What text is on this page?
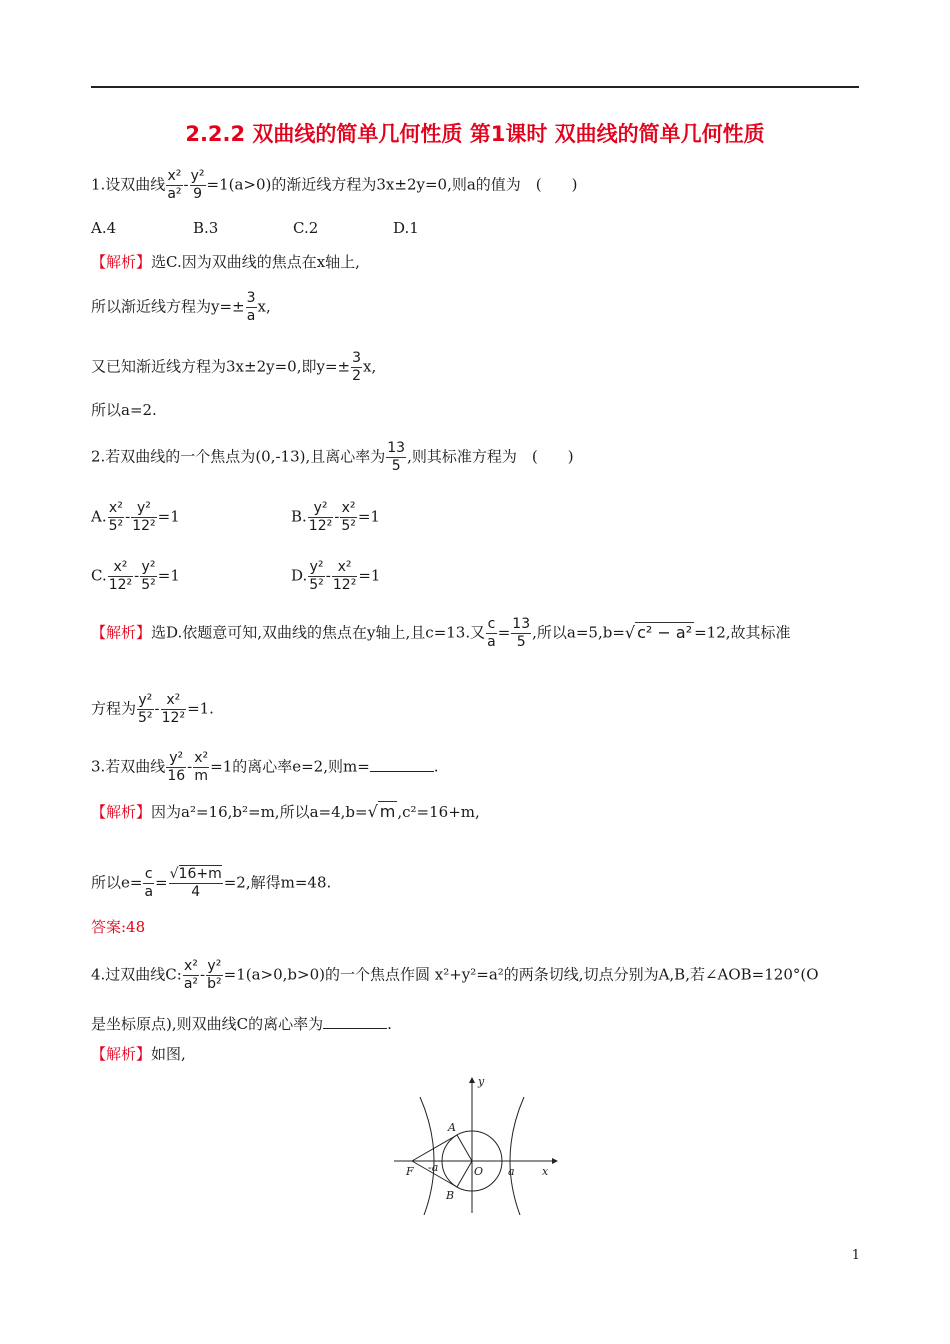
2.2.2 双曲线的简单几何性质 第1课时 双曲线的简单几何性质
1.设双曲线 $\frac{\text{x²}}{\text{a²}} - \frac{\text{y²}}{9} =1(a>0)$的渐近线方程为3x±2y=0,则a的值为　(　　)
A.4	B.3	C.2	D.1
【解析】选C.因为双曲线的焦点在x轴上,
所以渐近线方程为$y=\pm \frac{3}{a} x$,
又已知渐近线方程为3x±2y=0,即$y=\pm \frac{3}{2} x$,
所以a=2.
2.若双曲线的一个焦点为(0,-13),且离心率为 $\frac{13}{5}$ ,则其标准方程为　(　　)
A. $\frac{\text{x²}}{\text{5²}} - \frac{\text{y²}}{\text{12²}} =1$	B. $\frac{\text{y²}}{\text{12²}} - \frac{\text{x²}}{\text{5²}} =1$
C. $\frac{\text{x²}}{\text{12²}} - \frac{\text{y²}}{\text{5²}} =1$	D. $\frac{\text{y²}}{\text{5²}} - \frac{\text{x²}}{\text{12²}} =1$
【解析】选D.依题意可知,双曲线的焦点在y轴上,且c=13.又 $\frac{c}{a} = \frac{13}{5}$ ,所以a=5,b=√ c² − a² =12,故其标准
方程为 $\frac{\text{y²}}{\text{5²}} - \frac{\text{x²}}{\text{12²}} =1$.
3.若双曲线 $\frac{\text{y²}}{16} - \frac{\text{x²}}{m} =1$的离心率e=2,则m=	.
【解析】因为a²=16,b²=m,所以a=4,b=√ m ,c²=16+m,
所以$e= \frac{c}{a} = \frac{√16+m}{4} =2$,解得m=48.
答案:48
4.过双曲线C: $\frac{\text{x²}}{\text{a²}} - \frac{\text{y²}}{\text{b²}} =1(a>0,b>0)$的一个焦点作圆 x²+y²=a²的两条切线,切点分别为A,B,若∠AOB=120°(O
是坐标原点),则双曲线C的离心率为	.
【解析】如图,
y
x
A
B
F	O
-a	a
1
